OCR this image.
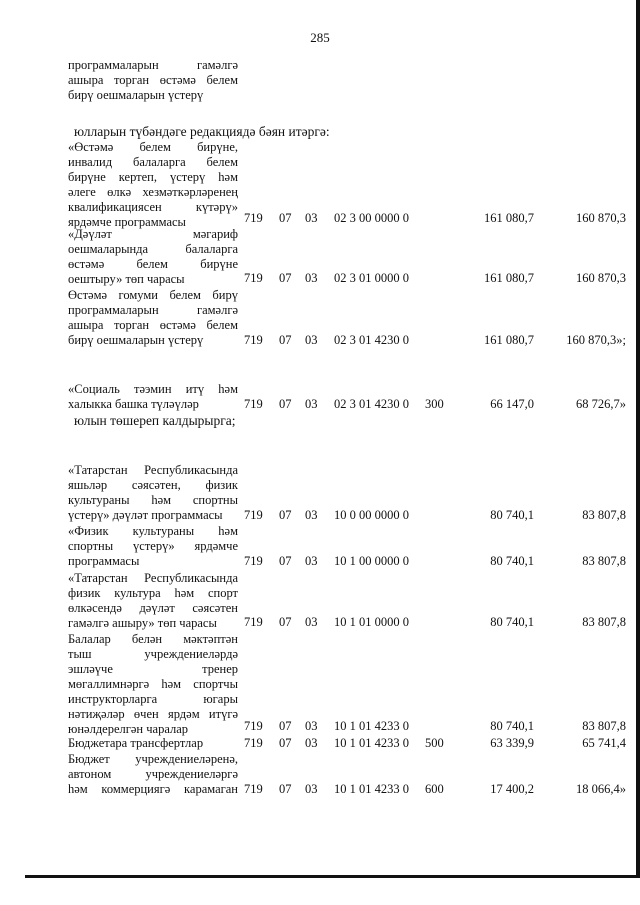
285
программаларын гамәлгә
ашыра торган өстәмә белем
бирү оешмаларын үстерү
юлларын түбәндәге редакциядә бәян итәргә:
«Өстәмә белем бирүне,
инвалид балаларга белем
бирүне кертеп, үстерү һәм
әлеге өлкә хезмәткәрләренең
квалификациясен күтәрү»
ярдәмче программасы	719 07 03 02 3 00 0000 0	161 080,7	160 870,3
«Дәүләт мәгариф
оешмаларында балаларга
өстәмә белем бирүне
оештыру» төп чарасы	719 07 03 02 3 01 0000 0	161 080,7	160 870,3
Өстәмә гомуми белем бирү
программаларын гамәлгә
ашыра торган өстәмә белем
бирү оешмаларын үстерү	719 07 03 02 3 01 4230 0	161 080,7	160 870,3»;
«Социаль тәэмин итү һәм
халыкка башка түләүләр	719 07 03 02 3 01 4230 0 300	66 147,0	68 726,7»
юлын төшереп калдырырга;
«Татарстан Республикасында
яшьләр сәясәтен, физик
культураны һәм спортны
үстерү» дәүләт программасы	719 07 03 10 0 00 0000 0	80 740,1	83 807,8
«Физик культураны һәм
спортны үстерү» ярдәмче
программасы	719 07 03 10 1 00 0000 0	80 740,1	83 807,8
«Татарстан Республикасында
физик культура һәм спорт
өлкәсендә дәүләт сәясәтен
гамәлгә ашыру» төп чарасы	719 07 03 10 1 01 0000 0	80 740,1	83 807,8
Балалар белән мәктәптән
тыш учреждениеләрдә
эшләүче тренер
мөгаллимнәргә һәм спортчы
инструкторларга югары
нәтиҗәләр өчен ярдәм итүгә
юнәлдерелгән чаралар	719 07 03 10 1 01 4233 0	80 740,1	83 807,8
Бюджетара трансфертлар	719 07 03 10 1 01 4233 0 500	63 339,9	65 741,4
Бюджет учреждениеләренә,
автоном учреждениеләргә
һәм коммерциягә карамаган 719 07 03 10 1 01 4233 0 600	17 400,2	18 066,4»
